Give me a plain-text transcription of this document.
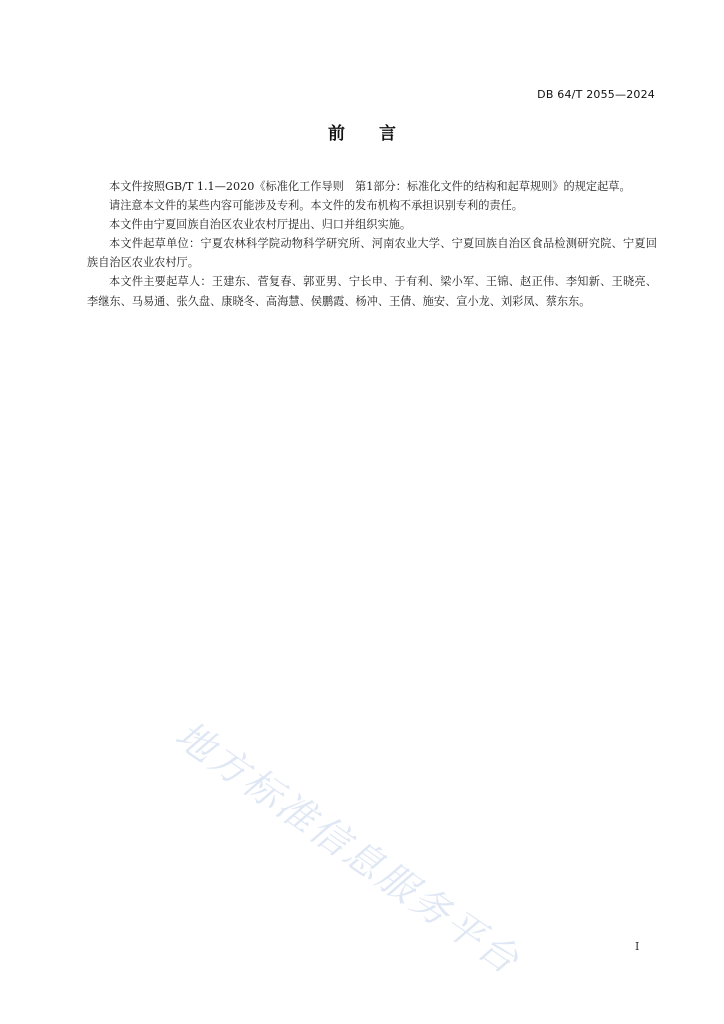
DB 64/T 2055—2024
前 言

本文件按照GB/T 1.1—2020《标准化工作导则　第1部分：标准化文件的结构和起草规则》的规定起草。

请注意本文件的某些内容可能涉及专利。本文件的发布机构不承担识别专利的责任。

本文件由宁夏回族自治区农业农村厅提出、归口并组织实施。

本文件起草单位：宁夏农林科学院动物科学研究所、河南农业大学、宁夏回族自治区食品检测研究院、宁夏回族自治区农业农村厅。

本文件主要起草人：王建东、菅复春、郭亚男、宁长申、于有利、梁小军、王锦、赵正伟、李知新、王晓亮、李继东、马易通、张久盘、康晓冬、高海慧、侯鹏霞、杨冲、王倩、施安、宣小龙、刘彩凤、蔡东东。

地方标准信息服务平台	I
